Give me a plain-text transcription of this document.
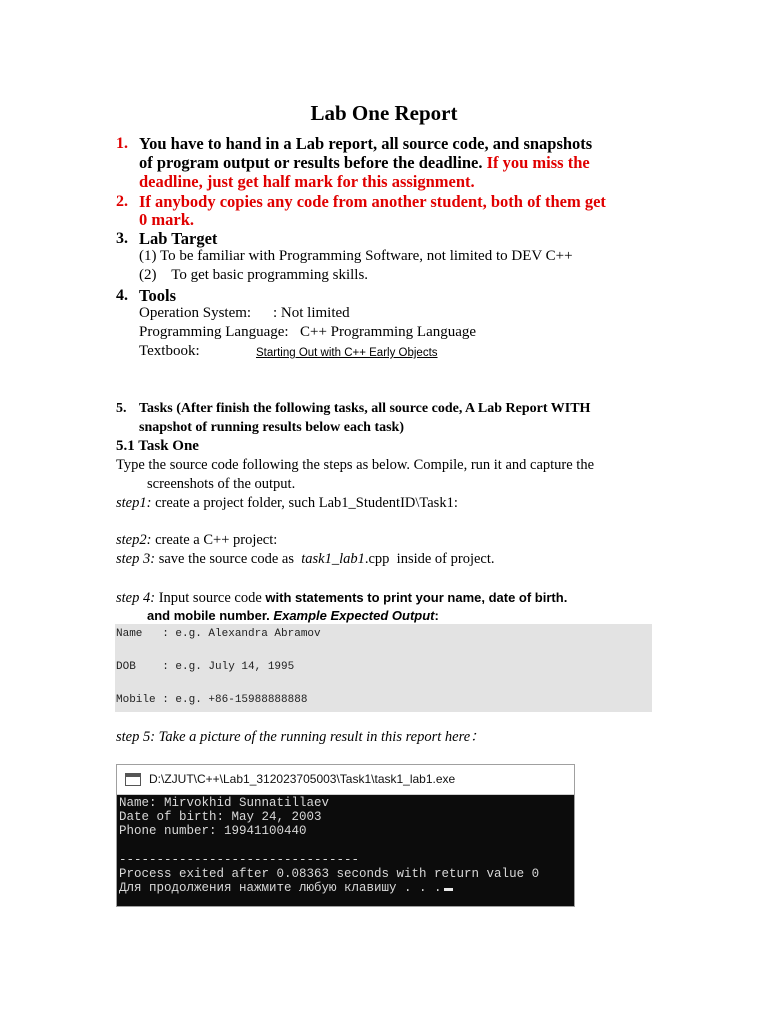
Lab One Report
1. You have to hand in a Lab report, all source code, and snapshots
of program output or results before the deadline. If you miss the
deadline, just get half mark for this assignment.
2. If anybody copies any code from another student, both of them get
0 mark.
3. Lab Target
(1) To be familiar with Programming Software, not limited to DEV C++
(2)    To get basic programming skills.
4. Tools
Operation System: : Not limited
Programming Language: C++ Programming Language
Textbook:	Starting Out with C++ Early Objects
5. Tasks (After finish the following tasks, all source code, A Lab Report WITH
snapshot of running results below each task)
5.1 Task One
Type the source code following the steps as below. Compile, run it and capture the
screenshots of the output.
step1: create a project folder, such Lab1_StudentID\Task1:
step2: create a C++ project:
step 3: save the source code as task1_lab1.cpp  inside of project.
step 4: Input source code with statements to print your name, date of birth.
and mobile number. Example Expected Output:
Name   : e.g. Alexandra Abramov
DOB    : e.g. July 14, 1995
Mobile : e.g. +86-15988888888
step 5: Take a picture of the running result in this report here：
D:\ZJUT\C++\Lab1_312023705003\Task1\task1_lab1.exe
Name: Mirvokhid Sunnatillaev
Date of birth: May 24, 2003
Phone number: 19941100440
--------------------------------
Process exited after 0.08363 seconds with return value 0
Для продолжения нажмите любую клавишу . . .
